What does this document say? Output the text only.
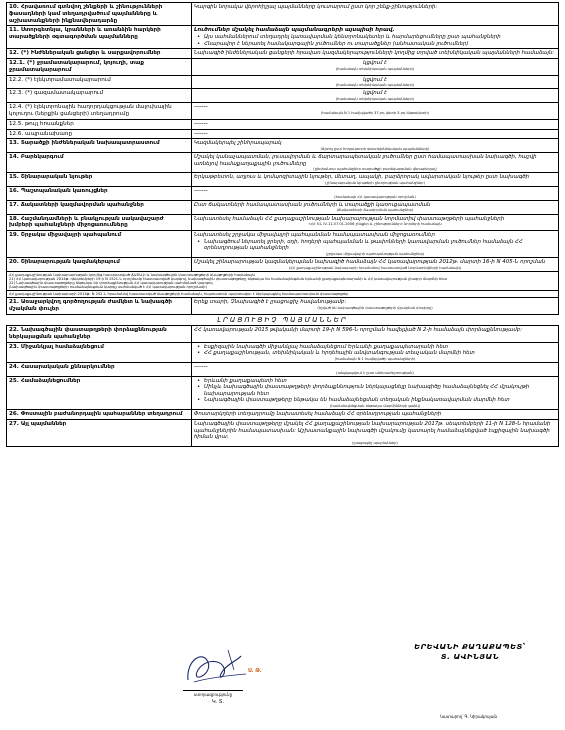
10. Հրավառում գտնվող շենքերի և շինությունների ֆասադների կամ տեղադրվածում պայմանները և աշխատանքների ինքնավերադարձը	Կարգին նորակա վերոհիշյալ պայմանները կուտարում ըստ կոր շենք-շինությունների:

11. Ստորգետնյա, կրանների և առանձին հարկերի տարածքների օգտագործման պայմանները	Լուծումներ մշակել համաձայն պայմանագրերի այսպիսի հրավ.
• Այս սահմաններում տեղադրել կառավարման կենտրոնակետեր և հարմարեցումները ըստ պահանջների
• Հնարավոր է ներառել համակարգային լուծումներ ու տարածքներ (անհատական լուծումներ)

12. (*) Ինժեներական ցանցեր և սարքավորումներ	Նախագիծ ինժեներական ցանցերի հրավառ կազմակերպությունների կողմից տրված տեխնիկական պայմանների համաձայն:

12.1. (*) ջրամատակարարում, կոյուղի, տաք ջրամատակարարում	կցվում է
(համաձայն տեխնիկական պայմանների)

12.2. (*) էլեկտրամատակարարում	կցվում է
(համաձայն տեխնիկական պայմանների)

12.3. (*) գազամատակարարում	կցվում է
(համաձայն տեխնիկական պայմանների)

12.4. (*) էլեկտրոնային հաղորդակցության մալուխային կոյուղու (ներքին ցանցերի) տեղադրումը	-------
(համաձայն N 1 հավելվածի 37-րդ կետի 3-րդ ենթակետի)

12.5. թույլ հոսանքներ	-------

12.6. ապրանախառը	-------

13. Տարածքի ինժեներական նախապատրաստում	Կազմակերպել շինհրապարակ
(ճշտել ըստ հողակտորի գեոտեխնիկական պայմանների)

14. Բարեկարգում	Մշակել կանաչապատման, լուսավորման և ճարտարապետական լուծումներ ըստ համապատասխան նախագծի, հաշվի առնելով համաքաղաքային լուծումները
(ընդհանուր պահանջներ տարածքի բարեկարգման վերաբերյալ)

15. Շինարարական նյութեր	Երկաթբետոն, աղյուս և կոմպոզիտային նյութեր, մետաղ, ապակի, բարձրորակ ավարտական նյութեր ըստ նախագծի
(շինարարական նյութերի ընտրության պահանջներ)

16. Պաշտպանական կառույցներ	-------
(համաձայն ՀՀ կառավարության որոշման)

17. Ճակատների կազմավորման պահանջներ	Ըստ ճակատների համապատասխան լուծումների և տարածքի կառուցապատման
(ճակատների ձևավորման պահանջներ)

18. Հաշմանդամների և բնակչության սակավաշարժ խմբերի պահանջների միջոցառումները	Նախատեսել համաձայն ՀՀ քաղաքաշինության նախարարության նորմատիվ փաստաթղթերի պահանջների
«ՀՀ ՇՆ IV-11.07.01-2006 շենքեր և շինություններ» նորմերի համաձայն

19. Շրջակա միջավայրի պահպանում	Նախատեսել շրջակա միջավայրի պահպանման համապատասխան միջոցառումներ
• Նախագծում ներառել ջրերի, օդի, հողերի պահպանման և թափոնների կառավարման լուծումներ համաձայն ՀՀ օրենսդրության պահանջների
(շրջակա միջավայրի պահպանության պահանջներ)

20. Շինարարության կազմակերպում	Մշակել շինարարության կազմակերպման նախագիծ համաձայն ՀՀ կառավարության 2012թ. մարտի 16-ի N 405-Ն որոշման
(ՀՀ քաղաքաշինության նախարարի հրամանով հաստատված նորմատիվների համաձայն)

ՀՀ քաղաքաշինության նախարարության կողմից հաստատված ՃԱՏԱ-ի և նախագծային փաստաթղթերի ձևաթղթերի համաձայն
21) ՀՀ կառավարության 2014թ. դեկտեմբերի 19-ի N 1521-Ն որոշմամբ հաստատված կարգով, նախագծային փաստաթղթերը ենթակա են համաձայնեցման Երևանի քաղաքապետարանի և ՀՀ կառավարության լիազոր մարմնի հետ
22) Նախագծային փաստաթղթերը ենթակա են փորձաքննության ՀՀ կառավարության սահմանած կարգով
(նախագծային փաստաթղթերի համաձայնեցման կարգը սահմանված է ՀՀ կառավարության որոշմամբ)	

ՀՀ քաղաքաշինության նախարարի 2014թ. N 252-Ն հրամանով հաստատված ձևաթղթերի համաձայն, հայտատուն պարտավոր է ներկայացնել համապատասխան փաստաթղթեր	
21. Առաջարկվող գործողության ժամկետ և նախագծի մշակման փուլեր	Երեք տարի, Չնախագիծ է լրացուցիչ հավանությամբ:
(նշված են նախագծային փաստաթղթերի մշակման փուլերը)

ԼՐԱՑՈՒՑԻՉ ՊԱՅՄԱՆՆԵՐ	
22. Նախագծային փաստաթղթերի փորձաքննության ներկայացման պահանջներ	ՀՀ կառավարության 2015 թվականի մարտի 19-ի N 596-Ն որոշման հավելված N 2-ի համաձայն փորձաքննությամբ:

23. Միջանկյալ համաձայնեցում	• Էսքիզային նախագծի միջանկյալ համաձայնեցում Երևանի քաղաքապետարանի հետ
• ՀՀ քաղաքաշինության, տեխնիկական և հրդեհային անվտանգության տեսչական մարմնի հետ
(համաձայն N 1 հավելվածի պահանջների)

24. Հասարակական քննարկումներ	-------
(անցկացվում է ըստ անհրաժեշտության)

25. Համաձայնեցումներ	• Երևանի քաղաքապետի հետ
• Մինչև նախագծային փաստաթղթերի փորձաքննություն ներկայացնելը նախագիծը համաձայնեցնել ՀՀ մշակույթի նախարարության հետ
• Նախագծային փաստաթղթերը ենթակա են համաձայնեցման տեղական ինքնակառավարման մարմնի հետ
(համաձայնեցման ենթակա մարմինների ցանկ)

26. Փոստային բաժանորդային պահարաններ տեղադրում	Փոստարկղերի տեղադրումը նախատեսել համաձայն ՀՀ օրենսդրության պահանջների

27. Այլ պայմաններ	Նախագծային փաստաթղթերը մշակել ՀՀ քաղաքաշինության նախարարության 2017թ. սեպտեմբերի 11-ի N 128-Ն հրամանի պահանջներին համապատասխան: Աշխատանքային նախագծի մշակումը կատարել համաձայնեցված էսքիզային նախագծի հիման վրա:
(լրացուցիչ պայմաններ)
ստորագրությունը
Ս. Թ.
Կ. Տ.
ԵՐԵՎԱՆԻ ՔԱՂԱՔԱՊԵՏ՝
Տ. ԱՎԻՆՅԱՆ
Կատարող՝ Գ. Կիրակոսյան
